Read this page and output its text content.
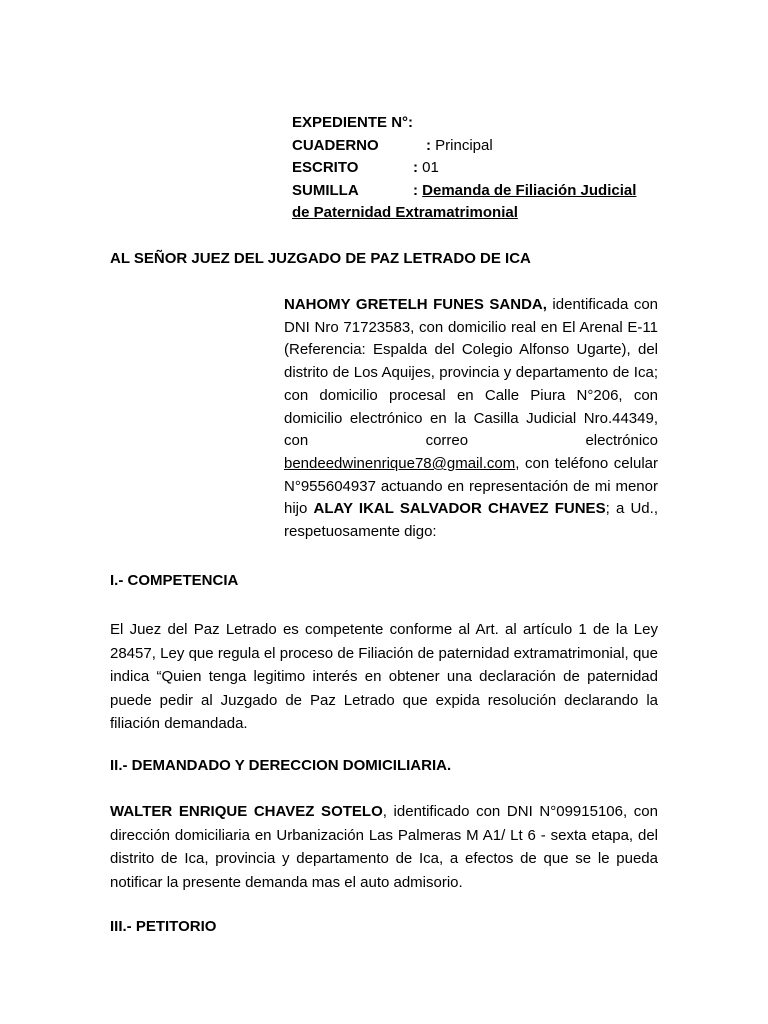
EXPEDIENTE N°:
CUADERNO	: Principal
ESCRITO	: 01
SUMILLA	: Demanda de Filiación Judicial
de Paternidad Extramatrimonial
AL SEÑOR JUEZ DEL JUZGADO DE PAZ LETRADO DE ICA
NAHOMY GRETELH FUNES SANDA, identificada con DNI Nro 71723583, con domicilio real en El Arenal E-11 (Referencia: Espalda del Colegio Alfonso Ugarte), del distrito de Los Aquijes, provincia y departamento de Ica; con domicilio procesal en Calle Piura N°206, con domicilio electrónico en la Casilla Judicial Nro.44349, con correo electrónico bendeedwinenrique78@gmail.com, con teléfono celular N°955604937 actuando en representación de mi menor hijo ALAY IKAL SALVADOR CHAVEZ FUNES; a Ud., respetuosamente digo:
I.- COMPETENCIA
El Juez del Paz Letrado es competente conforme al Art. al artículo 1 de la Ley 28457, Ley que regula el proceso de Filiación de paternidad extramatrimonial, que indica “Quien tenga legitimo interés en obtener una declaración de paternidad puede pedir al Juzgado de Paz Letrado que expida resolución declarando la filiación demandada.
II.- DEMANDADO Y DERECCION DOMICILIARIA.
WALTER ENRIQUE CHAVEZ SOTELO, identificado con DNI N°09915106, con dirección domiciliaria en Urbanización Las Palmeras M A1/ Lt 6 - sexta etapa, del distrito de Ica, provincia y departamento de Ica, a efectos de que se le pueda notificar la presente demanda mas el auto admisorio.
III.- PETITORIO
